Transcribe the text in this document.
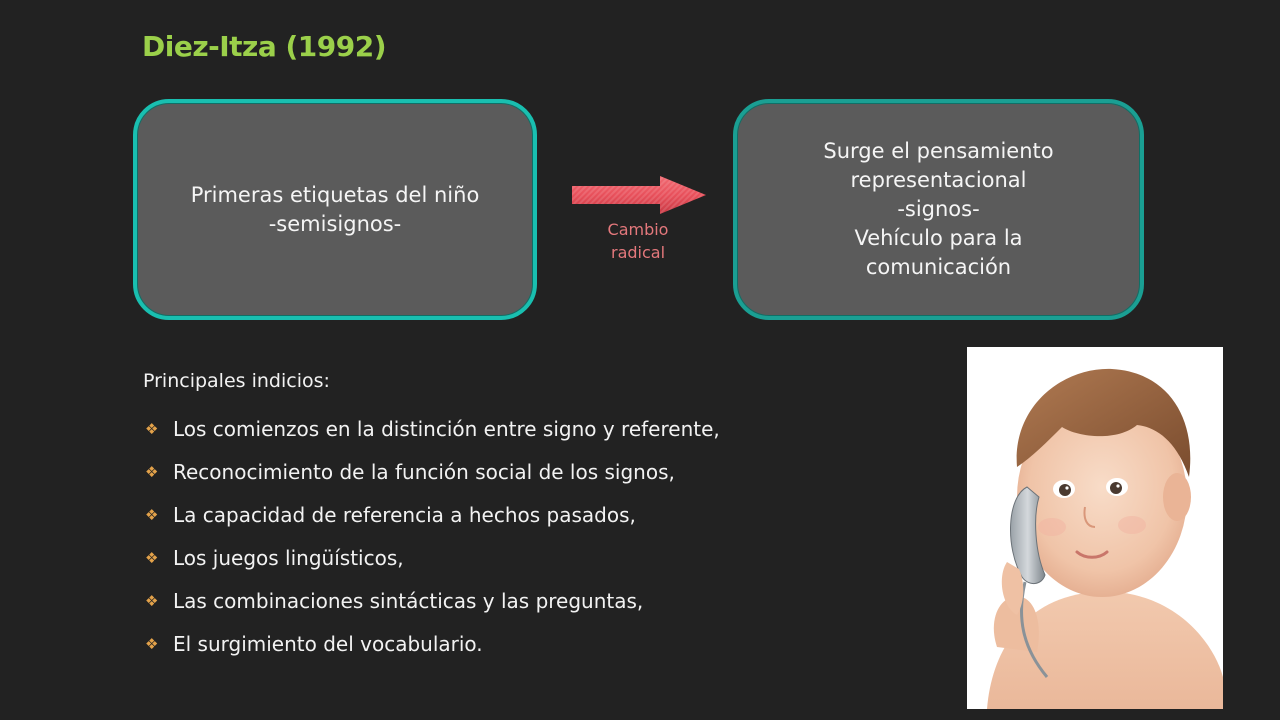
Diez-Itza (1992)
Primeras etiquetas del niño
-semisignos-	Cambio
radical
Surge el pensamiento
representacional
-signos-
Vehículo para la
comunicación
Principales indicios:
❖ Los comienzos en la distinción entre signo y referente,
❖ Reconocimiento de la función social de los signos,
❖ La capacidad de referencia a hechos pasados,
❖ Los juegos lingüísticos,
❖ Las combinaciones sintácticas y las preguntas,
❖ El surgimiento del vocabulario.
